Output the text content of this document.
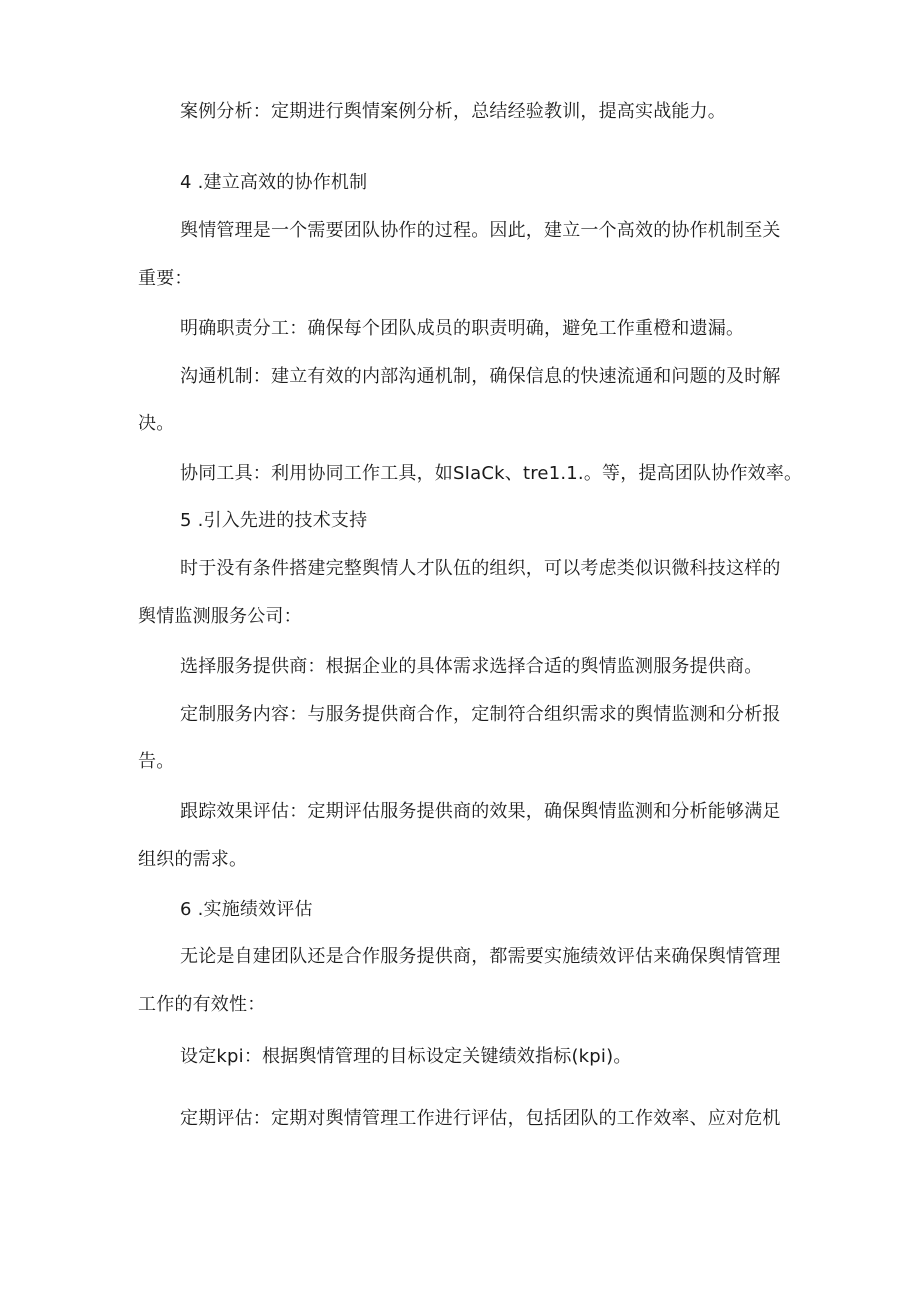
案例分析：定期进行舆情案例分析，总结经验教训，提高实战能力。
4 .建立高效的协作机制
舆情管理是一个需要团队协作的过程。因此，建立一个高效的协作机制至关
重要：
明确职责分工：确保每个团队成员的职责明确，避免工作重橙和遗漏。
沟通机制：建立有效的内部沟通机制，确保信息的快速流通和问题的及时解
决。
协同工具：利用协同工作工具，如SIaCk、tre1.1.。等，提高团队协作效率。
5 .引入先进的技术支持
时于没有条件搭建完整舆情人才队伍的组织，可以考虑类似识微科技这样的
舆情监测服务公司：
选择服务提供商：根据企业的具体需求选择合适的舆情监测服务提供商。
定制服务内容：与服务提供商合作，定制符合组织需求的舆情监测和分析报
告。
跟踪效果评估：定期评估服务提供商的效果，确保舆情监测和分析能够满足
组织的需求。
6 .实施绩效评估
无论是自建团队还是合作服务提供商，都需要实施绩效评估来确保舆情管理
工作的有效性：
设定kpi：根据舆情管理的目标设定关键绩效指标(kpi)。
定期评估：定期对舆情管理工作进行评估，包括团队的工作效率、应对危机
